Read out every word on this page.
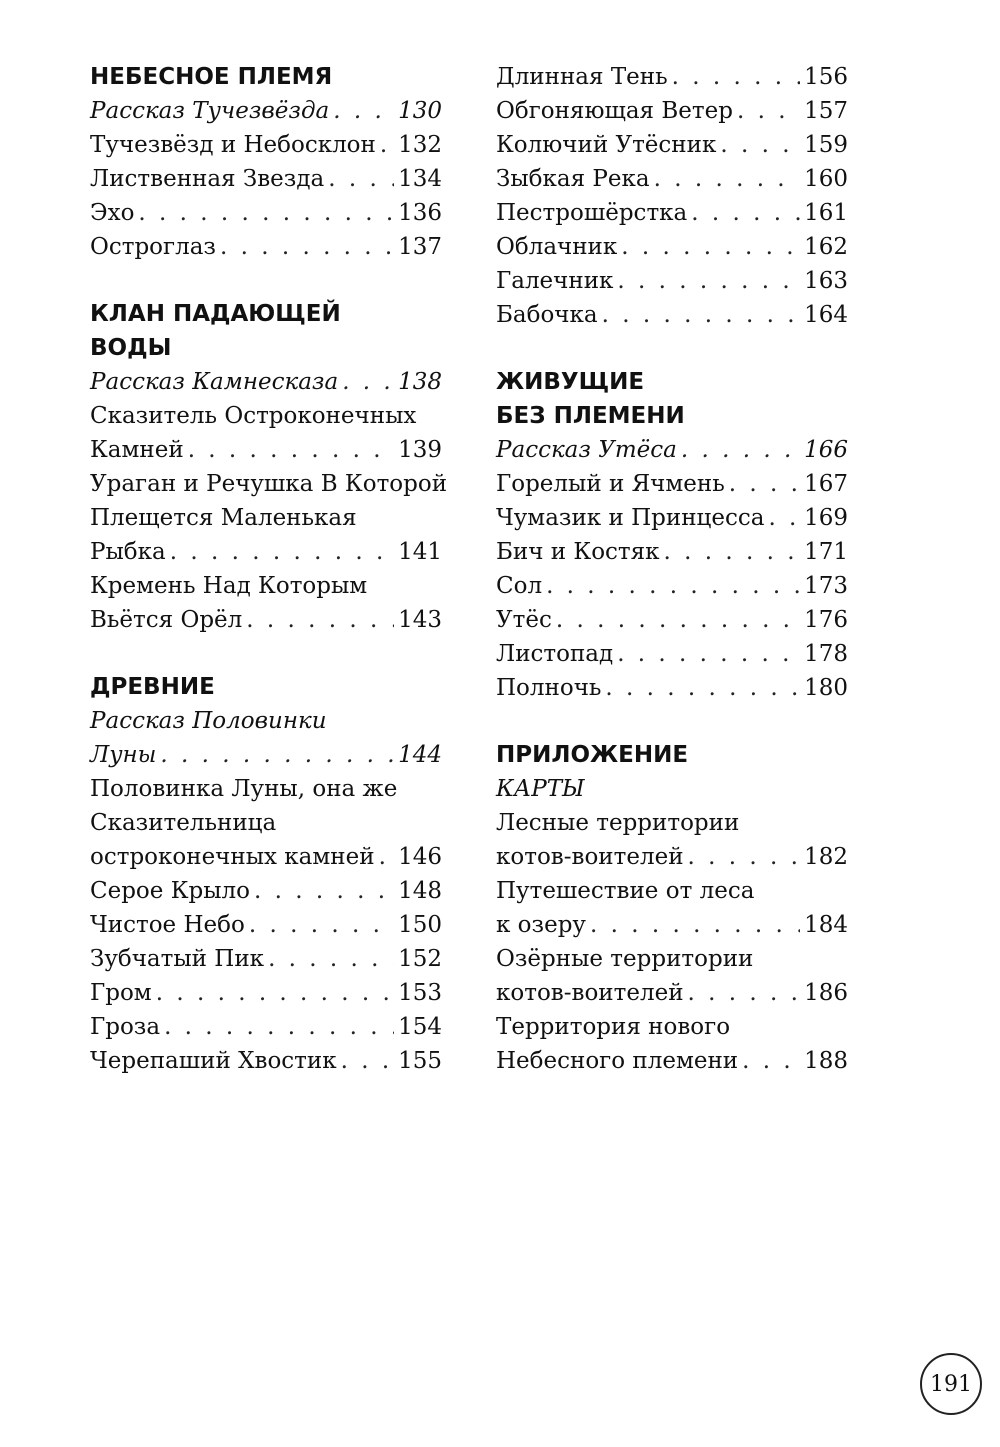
НЕБЕСНОЕ ПЛЕМЯ
Рассказ Тучезвёзда . . .	130
Тучезвёзд и Небосклон . . . 132
Лиственная Звезда . . .	134
Эхо . . .	136
Остроглаз . . .	137
КЛАН ПАДАЮЩЕЙ
ВОДЫ
Рассказ Камнесказа . . .	138
Сказитель Остроконечных
Камней . . .	139
Ураган и Речушка В Которой
Плещется Маленькая
Рыбка . . .	141
Кремень Над Которым
Вьётся Орёл . . .	143
ДРЕВНИЕ
Рассказ Половинки
Луны . . .	144
Половинка Луны, она же
Сказительница
остроконечных камней . . . 146
Серое Крыло . . .	148
Чистое Небо . . .	150
Зубчатый Пик . . .	152
Гром . . .	153
Гроза . . .	154
Черепаший Хвостик . . .	155
Длинная Тень . . .	156
Обгоняющая Ветер . . .	157
Колючий Утёсник . . .	159
Зыбкая Река . . .	160
Пестрошёрстка . . .	161
Облачник . . .	162
Галечник . . .	163
Бабочка . . .	164
ЖИВУЩИЕ
БЕЗ ПЛЕМЕНИ
Рассказ Утёса . . .	166
Горелый и Ячмень . . .	167
Чумазик и Принцесса . . . 169
Бич и Костяк . . .	171
Сол . . .	173
Утёс . . .	176
Листопад . . .	178
Полночь . . .	180
ПРИЛОЖЕНИЕ
КАРТЫ
Лесные территории
котов-воителей . . .	182
Путешествие от леса
к озеру . . .	184
Озёрные территории
котов-воителей . . .	186
Территория нового
Небесного племени . . .	188
191
